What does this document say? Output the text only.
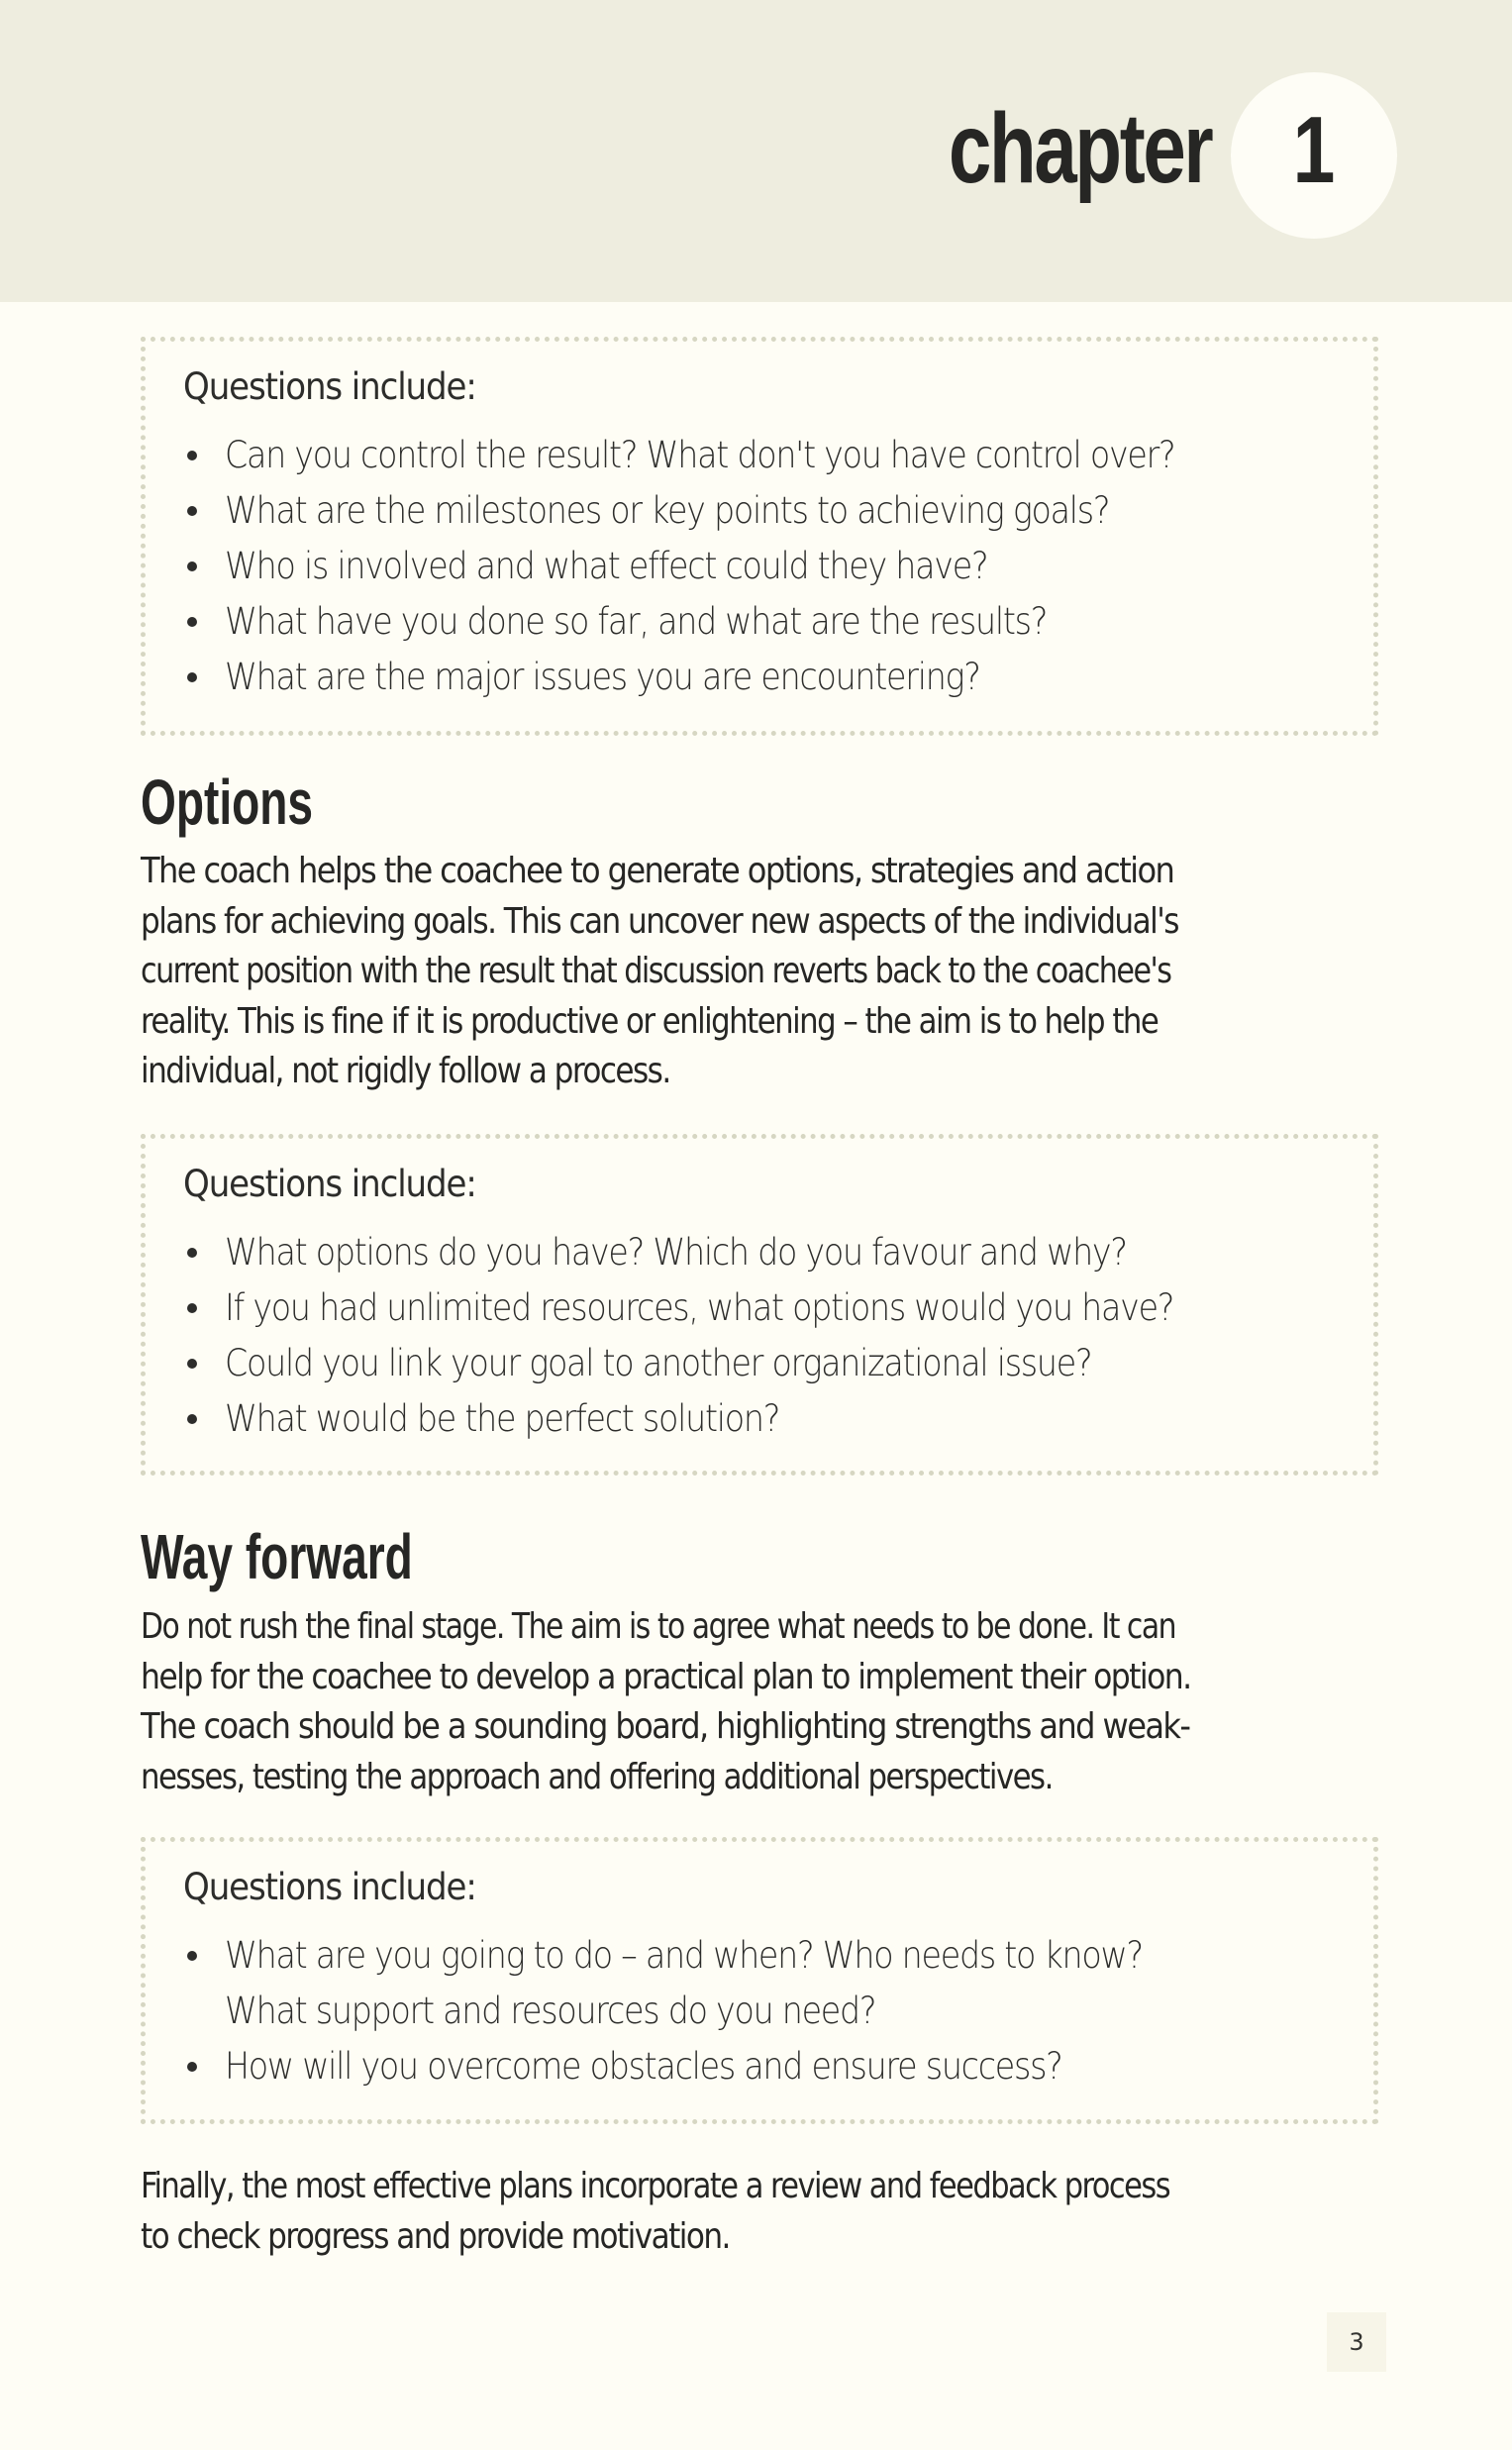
chapter 1
Questions include:
Can you control the result? What don't you have control over?
What are the milestones or key points to achieving goals?
Who is involved and what effect could they have?
What have you done so far, and what are the results?
What are the major issues you are encountering?
Options
The coach helps the coachee to generate options, strategies and action
plans for achieving goals. This can uncover new aspects of the individual's
current position with the result that discussion reverts back to the coachee's
reality. This is fine if it is productive or enlightening – the aim is to help the
individual, not rigidly follow a process.
Questions include:
What options do you have? Which do you favour and why?
If you had unlimited resources, what options would you have?
Could you link your goal to another organizational issue?
What would be the perfect solution?
Way forward
Do not rush the final stage. The aim is to agree what needs to be done. It can
help for the coachee to develop a practical plan to implement their option.
The coach should be a sounding board, highlighting strengths and weak-
nesses, testing the approach and offering additional perspectives.
Questions include:
What are you going to do – and when? Who needs to know?
What support and resources do you need?
How will you overcome obstacles and ensure success?
Finally, the most effective plans incorporate a review and feedback process
to check progress and provide motivation.
3
